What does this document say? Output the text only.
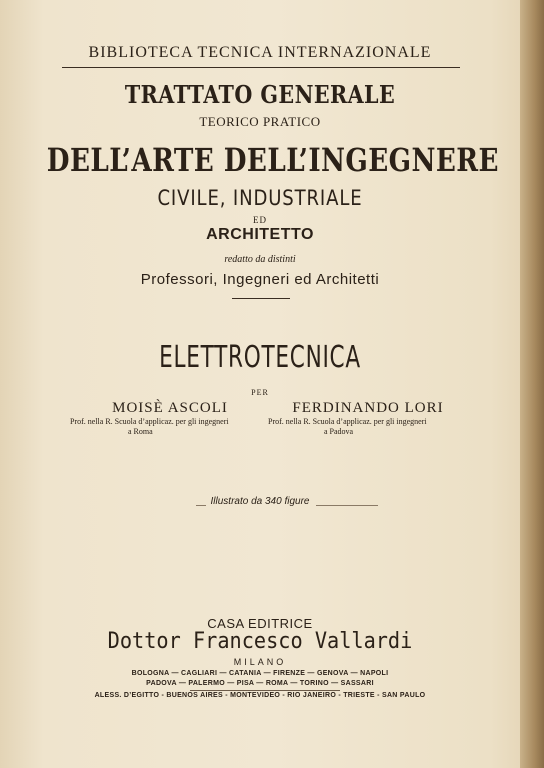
BIBLIOTECA TECNICA INTERNAZIONALE
TRATTATO GENERALE
TEORICO PRATICO
DELL’ARTE DELL’INGEGNERE
CIVILE, INDUSTRIALE
ED
ARCHITETTO
redatto da distinti
Professori, Ingegneri ed Architetti
ELETTROTECNICA
PER
MOISÈ ASCOLI
Prof. nella R. Scuola d’applicaz. per gli ingegneri
a Roma
FERDINANDO LORI
Prof. nella R. Scuola d’applicaz. per gli ingegneri
a Padova
Illustrato da 340 figure
CASA EDITRICE
Dottor Francesco Vallardi
MILANO
BOLOGNA — CAGLIARI — CATANIA — FIRENZE — GENOVA — NAPOLI
PADOVA — PALERMO — PISA — ROMA — TORINO — SASSARI
ALESS. D’EGITTO - BUENOS AIRES - MONTEVIDEO - RIO JANEIRO - TRIESTE - SAN PAULO
